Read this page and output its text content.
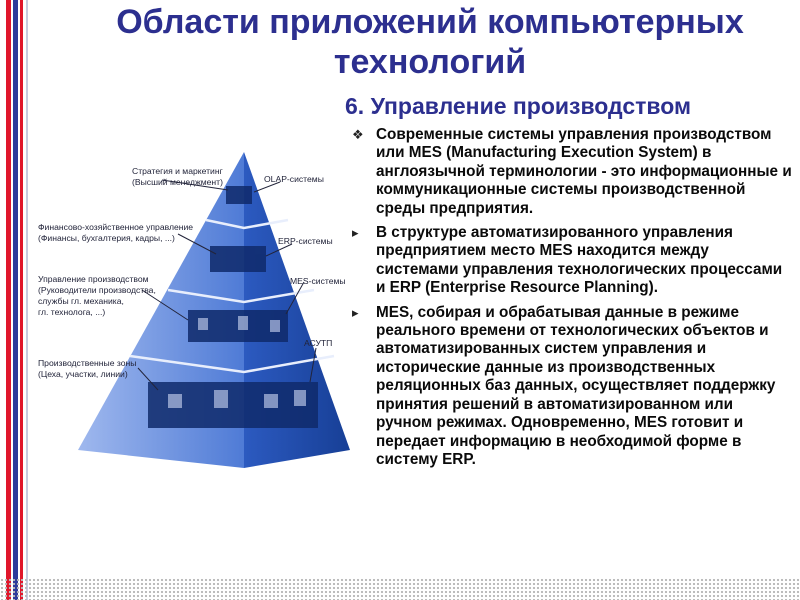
Области приложений компьютерных технологий
6. Управление производством
Стратегия и маркетинг
(Высший менеджмент)
Финансово-хозяйственное управление
(Финансы, бухгалтерия, кадры, ...)
Управление производством
(Руководители производства,
службы гл. механика,
гл. технолога, ...)
Производственные зоны
(Цеха, участки, линии)
OLAP-системы
ERP-системы
MES-системы
АСУТП
❖ Современные системы управления производством или MES (Manufacturing Execution System) в англоязычной терминологии - это информационные и коммуникационные системы производственной среды предприятия.
▸	В структуре автоматизированного управления предприятием место MES находится между системами управления технологических процессами и ERP (Enterprise Resource Planning).
▸	MES, собирая и обрабатывая данные в режиме реального времени от технологических объектов и автоматизированных систем управления и исторические данные из производственных реляционных баз данных, осуществляет поддержку принятия решений в автоматизированном или ручном режимах. Одновременно, MES готовит и передает информацию в необходимой форме в систему ERP.
